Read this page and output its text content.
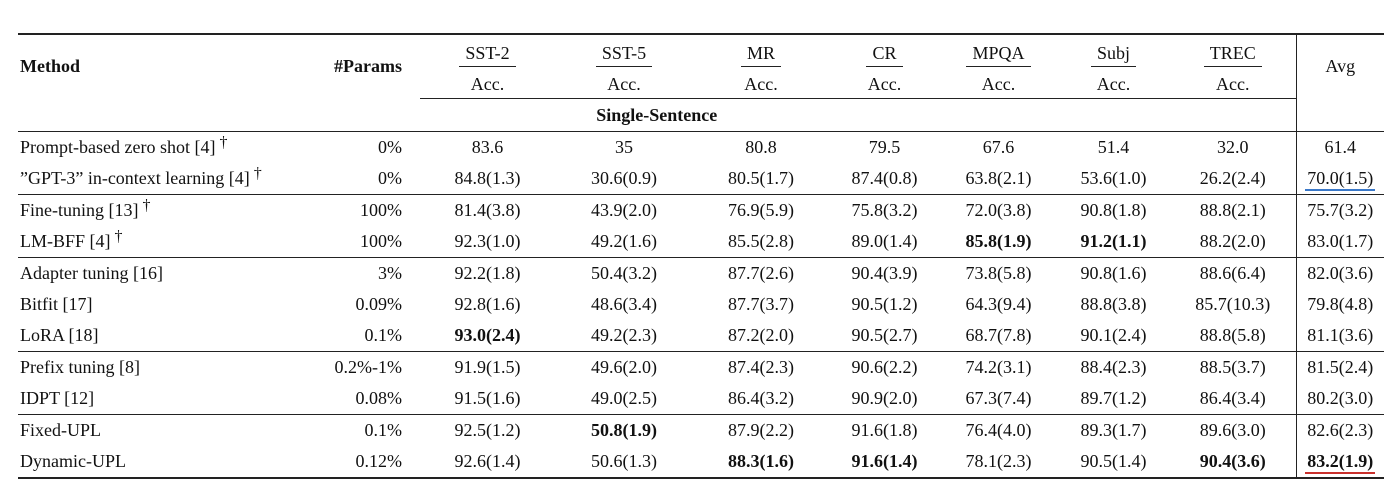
Method	#Params	SST-2	SST-5	MR	CR	MPQA	Subj	TREC	Avg
		Acc.	Acc.	Acc.	Acc.	Acc.	Acc.	Acc.	
Single-Sentence									
Prompt-based zero shot [4] †	0%	83.6	35	80.8	79.5	67.6	51.4	32.0	61.4
”GPT-3” in-context learning [4] †	0%	84.8(1.3)	30.6(0.9)	80.5(1.7)	87.4(0.8)	63.8(2.1)	53.6(1.0)	26.2(2.4)	70.0(1.5)
Fine-tuning [13] †	100%	81.4(3.8)	43.9(2.0)	76.9(5.9)	75.8(3.2)	72.0(3.8)	90.8(1.8)	88.8(2.1)	75.7(3.2)
LM-BFF [4] †	100%	92.3(1.0)	49.2(1.6)	85.5(2.8)	89.0(1.4)	85.8(1.9)	91.2(1.1)	88.2(2.0)	83.0(1.7)
Adapter tuning [16]	3%	92.2(1.8)	50.4(3.2)	87.7(2.6)	90.4(3.9)	73.8(5.8)	90.8(1.6)	88.6(6.4)	82.0(3.6)
Bitfit [17]	0.09%	92.8(1.6)	48.6(3.4)	87.7(3.7)	90.5(1.2)	64.3(9.4)	88.8(3.8)	85.7(10.3)	79.8(4.8)
LoRA [18]	0.1%	93.0(2.4)	49.2(2.3)	87.2(2.0)	90.5(2.7)	68.7(7.8)	90.1(2.4)	88.8(5.8)	81.1(3.6)
Prefix tuning [8]	0.2%-1%	91.9(1.5)	49.6(2.0)	87.4(2.3)	90.6(2.2)	74.2(3.1)	88.4(2.3)	88.5(3.7)	81.5(2.4)
IDPT [12]	0.08%	91.5(1.6)	49.0(2.5)	86.4(3.2)	90.9(2.0)	67.3(7.4)	89.7(1.2)	86.4(3.4)	80.2(3.0)
Fixed-UPL	0.1%	92.5(1.2)	50.8(1.9)	87.9(2.2)	91.6(1.8)	76.4(4.0)	89.3(1.7)	89.6(3.0)	82.6(2.3)
Dynamic-UPL	0.12%	92.6(1.4)	50.6(1.3)	88.3(1.6)	91.6(1.4)	78.1(2.3)	90.5(1.4)	90.4(3.6)	83.2(1.9)
